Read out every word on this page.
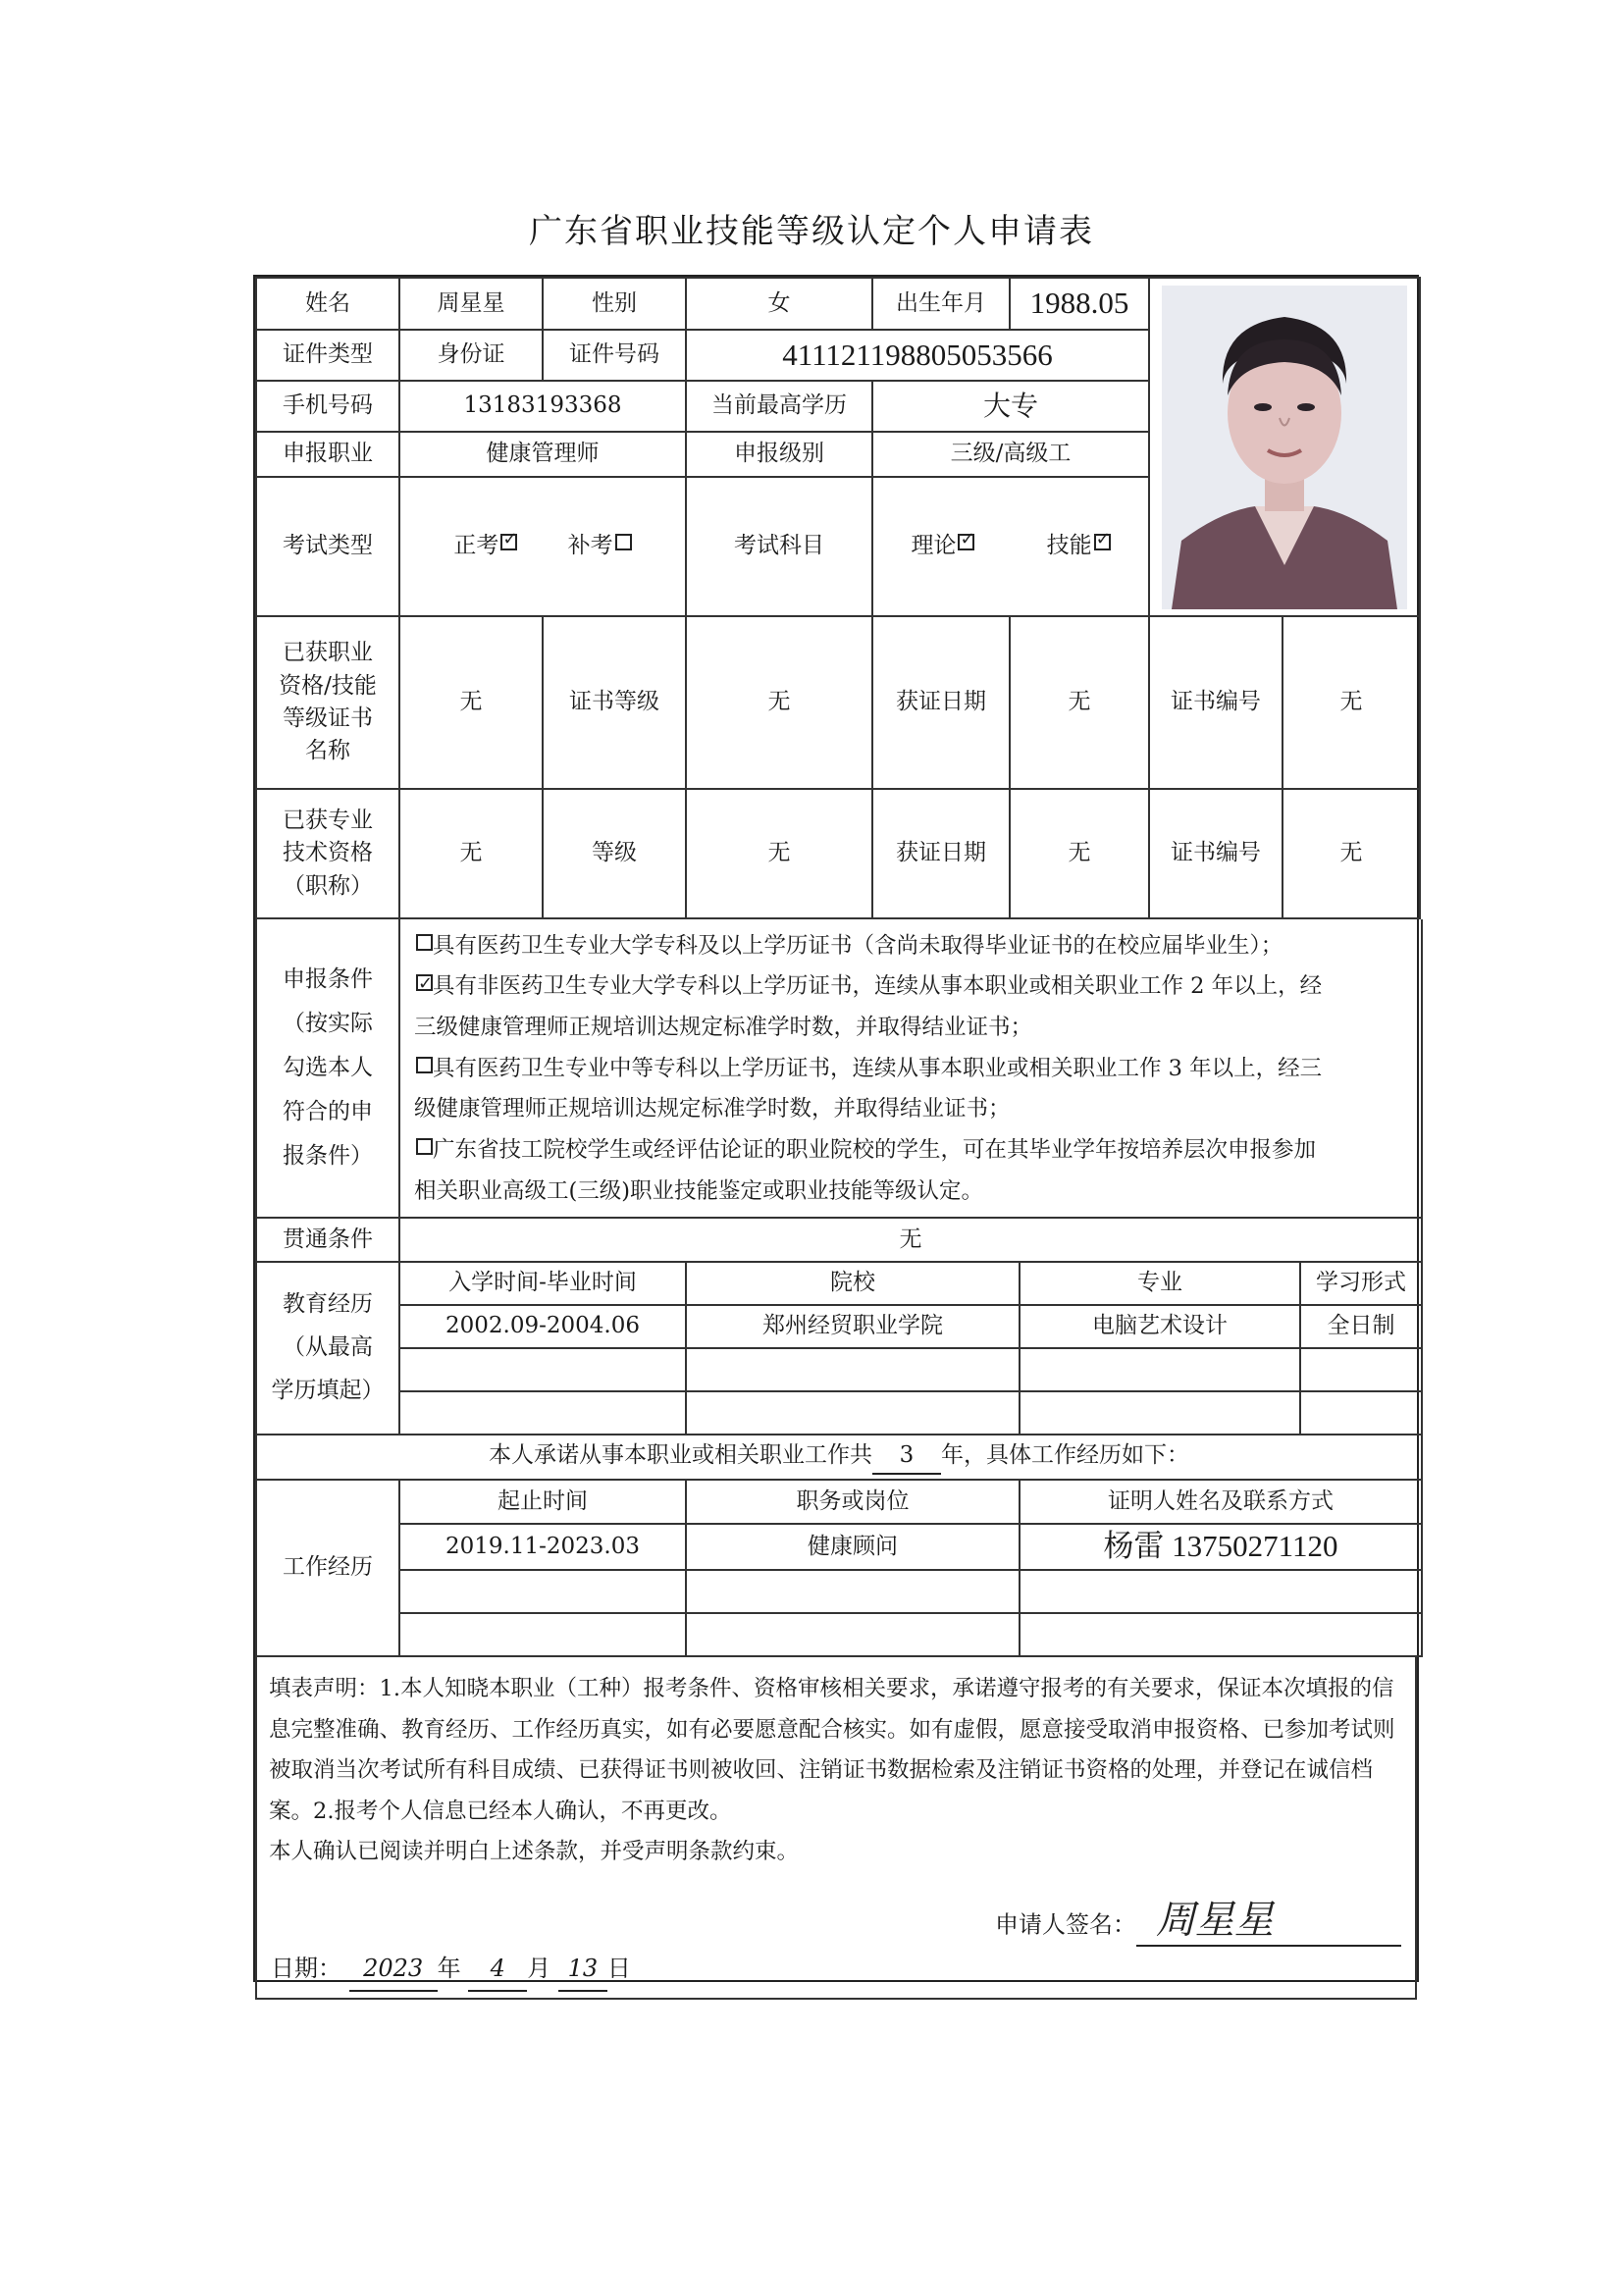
广东省职业技能等级认定个人申请表
姓名	周星星	性别	女	出生年月	1988.05	

证件类型	身份证	证件号码	411121198805053566				
手机号码	13183193368		当前最高学历	大专			
申报职业	健康管理师		申报级别	三级/高级工			
考试类型	正考 ✓ 补考		考试科目	理论 ✓ 技能✓
已获职业
资格/技能
等级证书
名称	无	证书等级	无	获证日期	无	证书编号	无
已获专业
技术资格
（职称）	无	等级	无	获证日期	无	证书编号	无
申报条件
（按实际
勾选本人
符合的申
报条件）	具有医药卫生专业大学专科及以上学历证书（含尚未取得毕业证书的在校应届毕业生）；
✓具有非医药卫生专业大学专科以上学历证书，连续从事本职业或相关职业工作 2 年以上，经
三级健康管理师正规培训达规定标准学时数，并取得结业证书；
具有医药卫生专业中等专科以上学历证书，连续从事本职业或相关职业工作 3 年以上，经三
级健康管理师正规培训达规定标准学时数，并取得结业证书；
广东省技工院校学生或经评估论证的职业院校的学生，可在其毕业学年按培养层次申报参加
相关职业高级工(三级)职业技能鉴定或职业技能等级认定。
贯通条件	无			
教育经历
（从最高
学历填起）	入学时间-毕业时间	院校	专业	学习形式
	2002.09-2004.06	郑州经贸职业学院	电脑艺术设计	全日制

本人承诺从事本职业或相关职业工作共 3 年，具体工作经历如下：				
工作经历	起止时间	职务或岗位	证明人姓名及联系方式
	2019.11-2023.03	健康顾问	杨雷 13750271120

填表声明：1.本人知晓本职业（工种）报考条件、资格审核相关要求，承诺遵守报考的有关要求，保证本次填报的信息完整准确、教育经历、工作经历真实，如有必要愿意配合核实。如有虚假，愿意接受取消申报资格、已参加考试则被取消当次考试所有科目成绩、已获得证书则被收回、注销证书数据检索及注销证书资格的处理，并登记在诚信档案。2.报考个人信息已经本人确认，不再更改。
本人确认已阅读并明白上述条款，并受声明条款约束。
申请人签名： 周星星
日期： 2023 年 4 月 13 日
